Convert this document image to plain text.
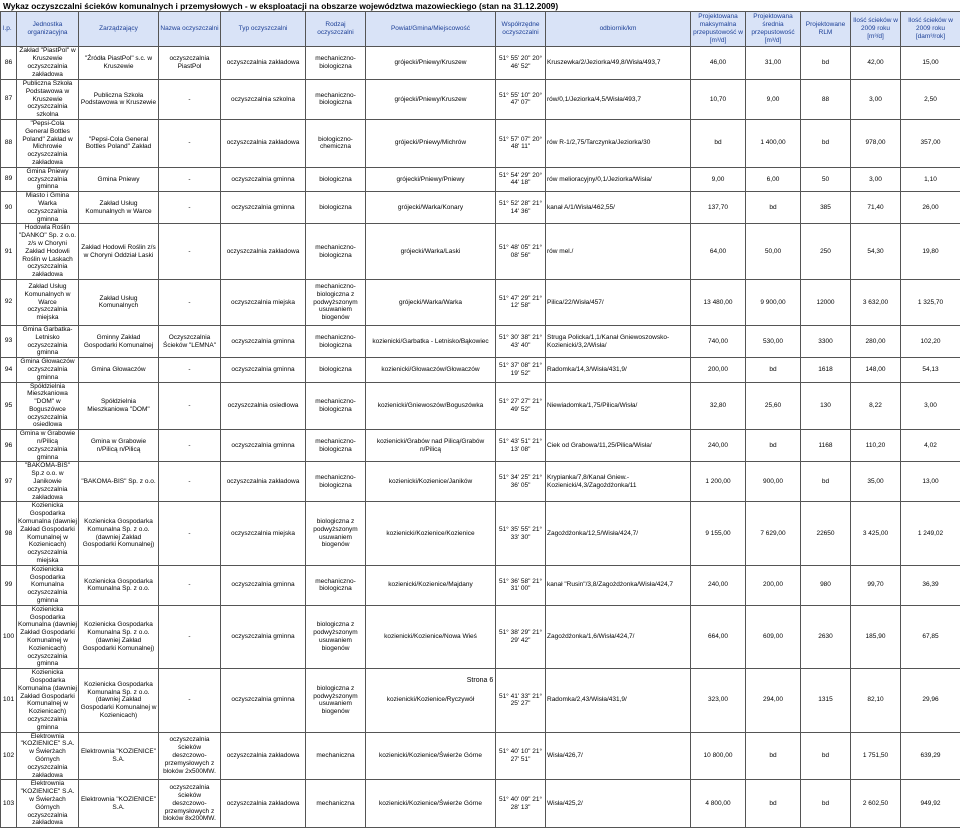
Wykaz oczyszczalni ścieków komunalnych i przemysłowych - w eksploatacji na obszarze województwa mazowieckiego (stan na 31.12.2009)
l.p.	Jednostka organizacyjna	Zarządzający	Nazwa oczyszczalni	Typ oczyszczalni	Rodzaj oczyszczalni	Powiat/Gmina/Miejscowość	Współrzędne oczyszczalni	odbiornik/km	Projektowana maksymalna przepustowość w [m³/d]	Projektowana średnia przepustowość [m³/d]	Projektowane RLM	Ilość ścieków w 2009 roku [m³/d]	Ilość ścieków w 2009 roku [dam³/rok]
86	Zakład "PiastPol" w Kruszewie oczyszczalnia zakładowa	"Źródła PiastPol" s.c. w Kruszewie	oczyszczalnia PiastPol	oczyszczalnia zakładowa	mechaniczno-biologiczna	grójecki/Pniewy/Kruszew	51° 55' 20" 20° 46' 52"	Kruszewka/2/Jeziorka/49,8/Wisła/493,7	46,00	31,00	bd	42,00	15,00
87	Publiczna Szkoła Podstawowa w Kruszewie oczyszczalnia szkolna	Publiczna Szkoła Podstawowa w Kruszewie	-	oczyszczalnia szkolna	mechaniczno-biologiczna	grójecki/Pniewy/Kruszew	51° 55' 10" 20° 47' 07"	rów/0,1/Jeziorka/4,5/Wisła/493,7	10,70	9,00	88	3,00	2,50
88	"Pepsi-Cola General Bottles Poland" Zakład w Michrowie oczyszczalnia zakładowa	"Pepsi-Cola General Bottles Poland" Zakład	-	oczyszczalnia zakładowa	biologiczno-chemiczna	grójecki/Pniewy/Michrów	51° 57' 07" 20° 48' 11"	rów R-1/2,75/Tarczynka/Jeziorka/30	bd	1 400,00	bd	978,00	357,00
89	Gmina Pniewy oczyszczalnia gminna	Gmina Pniewy	-	oczyszczalnia gminna	biologiczna	grójecki/Pniewy/Pniewy	51° 54' 29" 20° 44' 18"	rów melioracyjny/0,1/Jeziorka/Wisła/	9,00	6,00	50	3,00	1,10
90	Miasto i Gmina Warka oczyszczalnia gminna	Zakład Usług Komunalnych w Warce	-	oczyszczalnia gminna	biologiczna	grójecki/Warka/Konary	51° 52' 28" 21° 14' 36"	kanał A/1/Wisła/462,55/	137,70	bd	385	71,40	26,00
91	Hodowla Roślin "DANKO" Sp. z o.o. z/s w Choryni Zakład Hodowli Roślin w Laskach oczyszczalnia zakładowa	Zakład Hodowli Roślin z/s w Choryni Oddział Laski	-	oczyszczalnia zakładowa	mechaniczno-biologiczna	grójecki/Warka/Laski	51° 48' 05" 21° 08' 56"	rów mel./	64,00	50,00	250	54,30	19,80
92	Zakład Usług Komunalnych w Warce oczyszczalnia miejska	Zakład Usług Komunalnych	-	oczyszczalnia miejska	mechaniczno-biologiczna z podwyższonym usuwaniem biogenów	grójecki/Warka/Warka	51° 47' 29" 21° 12' 58"	Pilica/22/Wisła/457/	13 480,00	9 900,00	12000	3 632,00	1 325,70
93	Gmina Garbatka-Letnisko oczyszczalnia gminna	Gminny Zakład Gospodarki Komunalnej	Oczyszczalnia Ścieków "LEMNA"	oczyszczalnia gminna	mechaniczno-biologiczna	kozienicki/Garbatka - Letnisko/Bąkowiec	51° 30' 38" 21° 43' 40"	Struga Policka/1,1/Kanał Gniewoszowsko-Kozienicki/3,2/Wisła/	740,00	530,00	3300	280,00	102,20
94	Gmina Głowaczów oczyszczalnia gminna	Gmina Głowaczów	-	oczyszczalnia gminna	biologiczna	kozienicki/Głowaczów/Głowaczów	51° 37' 08" 21° 19' 52"	Radomka/14,3/Wisła/431,9/	200,00	bd	1618	148,00	54,13
95	Spółdzielnia Mieszkaniowa "DOM" w Boguszówce oczyszczalnia osiedlowa	Spółdzielnia Mieszkaniowa "DOM"	-	oczyszczalnia osiedlowa	mechaniczno-biologiczna	kozienicki/Gniewoszów/Boguszówka	51° 27' 27" 21° 49' 52"	Niewiadomka/1,75/Pilica/Wisła/	32,80	25,60	130	8,22	3,00
96	Gmina w Grabowie n/Pilicą oczyszczalnia gminna	Gmina w Grabowie n/Pilicą n/Pilicą	-	oczyszczalnia gminna	mechaniczno-biologiczna	kozienicki/Grabów nad Pilicą/Grabów n/Pilicą	51° 43' 51" 21° 13' 08"	Ciek od Grabowa/11,25/Pilica/Wisła/	240,00	bd	1168	110,20	4,02
97	"BAKOMA-BIS" Sp.z o.o. w Janikowie oczyszczalnia zakładowa	"BAKOMA-BIS" Sp. z o.o.	-	oczyszczalnia zakładowa	mechaniczno-biologiczna	kozienicki/Kozienice/Janików	51° 34' 25" 21° 36' 05"	Krypianka/7,8/Kanał Gniew.-Kozienicki/4,3/Zagożdżonka/11	1 200,00	900,00	bd	35,00	13,00
98	Kozienicka Gospodarka Komunalna (dawniej Zakład Gospodarki Komunalnej w Kozienicach) oczyszczalnia miejska	Kozienicka Gospodarka Komunalna Sp. z o.o. (dawniej Zakład Gospodarki Komunalnej)	-	oczyszczalnia miejska	biologiczna z podwyższonym usuwaniem biogenów	kozienicki/Kozienice/Kozienice	51° 35' 55" 21° 33' 30"	Zagożdżonka/12,5/Wisła/424,7/	9 155,00	7 629,00	22650	3 425,00	1 249,02
99	Kozienicka Gospodarka Komunalna oczyszczalnia gminna	Kozienicka Gospodarka Komunalna Sp. z o.o.	-	oczyszczalnia gminna	mechaniczno-biologiczna	kozienicki/Kozienice/Majdany	51° 36' 58" 21° 31' 00"	kanał "Rusin"/3,8/Zagożdżonka/Wisła/424,7	240,00	200,00	980	99,70	36,39
100	Kozienicka Gospodarka Komunalna (dawniej Zakład Gospodarki Komunalnej w Kozienicach) oczyszczalnia gminna	Kozienicka Gospodarka Komunalna Sp. z o.o. (dawniej Zakład Gospodarki Komunalnej)	-	oczyszczalnia gminna	biologiczna z podwyższonym usuwaniem biogenów	kozienicki/Kozienice/Nowa Wieś	51° 38' 29" 21° 29' 42"	Zagożdżonka/1,6/Wisła/424,7/	664,00	609,00	2630	185,90	67,85
101	Kozienicka Gospodarka Komunalna (dawniej Zakład Gospodarki Komunalnej w Kozienicach) oczyszczalnia gminna	Kozienicka Gospodarka Komunalna Sp. z o.o. (dawniej Zakład Gospodarki Komunalnej w Kozienicach)	-	oczyszczalnia gminna	biologiczna z podwyższonym usuwaniem biogenów	kozienicki/Kozienice/Ryczywół	51° 41' 33" 21° 25' 27"	Radomka/2,43/Wisła/431,9/	323,00	294,00	1315	82,10	29,96
102	Elektrownia "KOZIENICE" S.A. w Świerżach Górnych oczyszczalnia zakładowa	Elektrownia "KOZIENICE" S.A.	oczyszczalnia ścieków deszczowo-przemysłowych z bloków 2x500MW.	oczyszczalnia zakładowa	mechaniczna	kozienicki/Kozienice/Świerże Górne	51° 40' 10" 21° 27' 51"	Wisła/426,7/	10 800,00	bd	bd	1 751,50	639,29
103	Elektrownia "KOZIENICE" S.A. w Świerżach Górnych oczyszczalnia zakładowa	Elektrownia "KOZIENICE" S.A.	oczyszczalnia ścieków deszczowo-przemysłowych z bloków 8x200MW.	oczyszczalnia zakładowa	mechaniczna	kozienicki/Kozienice/Świerże Górne	51° 40' 09" 21° 28' 13"	Wisła/425,2/	4 800,00	bd	bd	2 602,50	949,92
Strona 6
